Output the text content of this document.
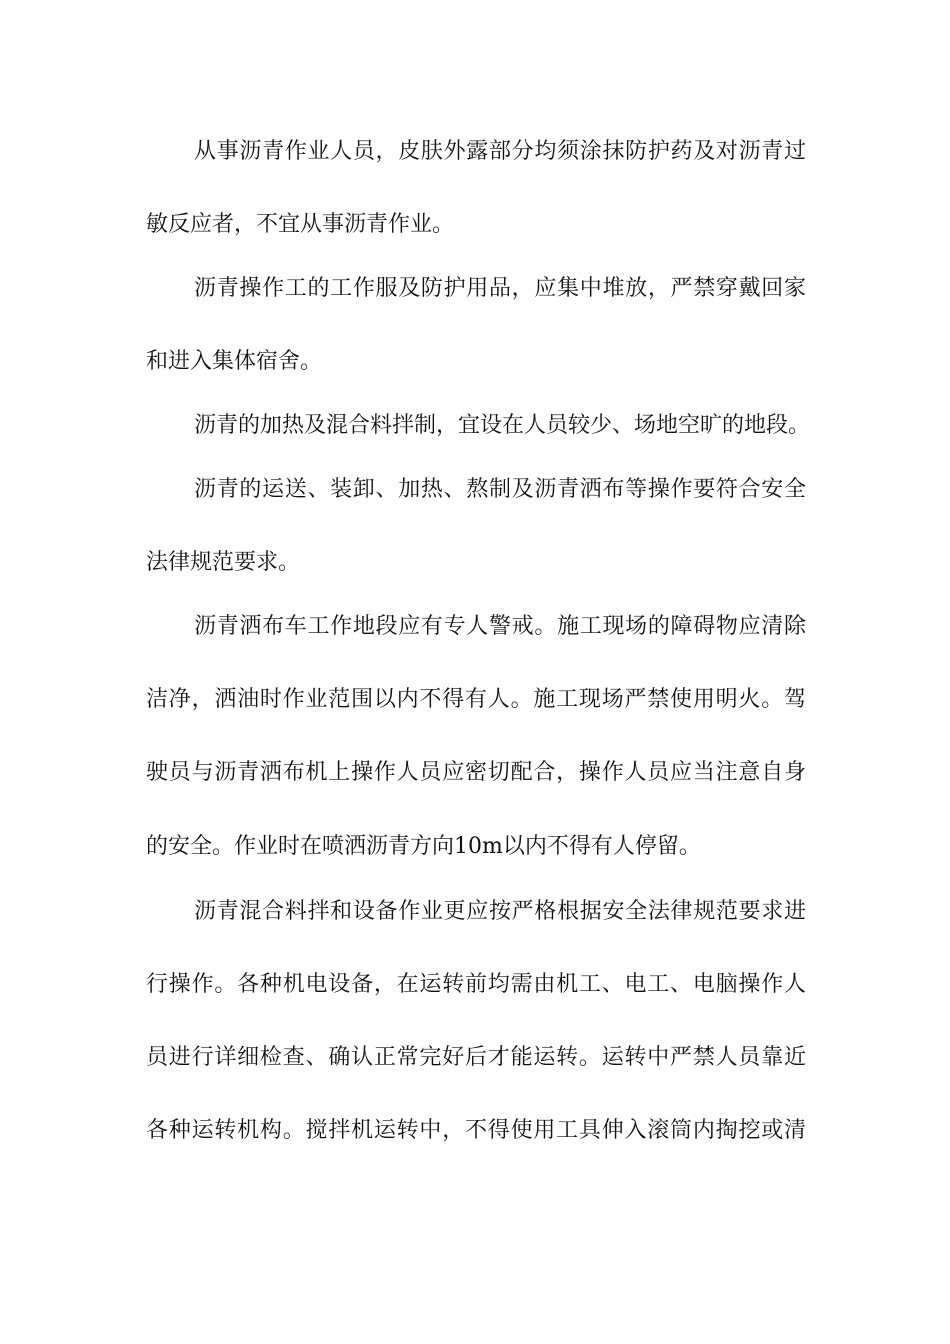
从事沥青作业人员，皮肤外露部分均须涂抹防护药及对沥青过
敏反应者，不宜从事沥青作业。
沥青操作工的工作服及防护用品，应集中堆放，严禁穿戴回家
和进入集体宿舍。
沥青的加热及混合料拌制，宜设在人员较少、场地空旷的地段。
沥青的运送、装卸、加热、熬制及沥青洒布等操作要符合安全
法律规范要求。
沥青洒布车工作地段应有专人警戒。施工现场的障碍物应清除
洁净，洒油时作业范围以内不得有人。施工现场严禁使用明火。驾
驶员与沥青洒布机上操作人员应密切配合，操作人员应当注意自身
的安全。作业时在喷洒沥青方向10m以内不得有人停留。
沥青混合料拌和设备作业更应按严格根据安全法律规范要求进
行操作。各种机电设备，在运转前均需由机工、电工、电脑操作人
员进行详细检查、确认正常完好后才能运转。运转中严禁人员靠近
各种运转机构。搅拌机运转中，不得使用工具伸入滚筒内掏挖或清
